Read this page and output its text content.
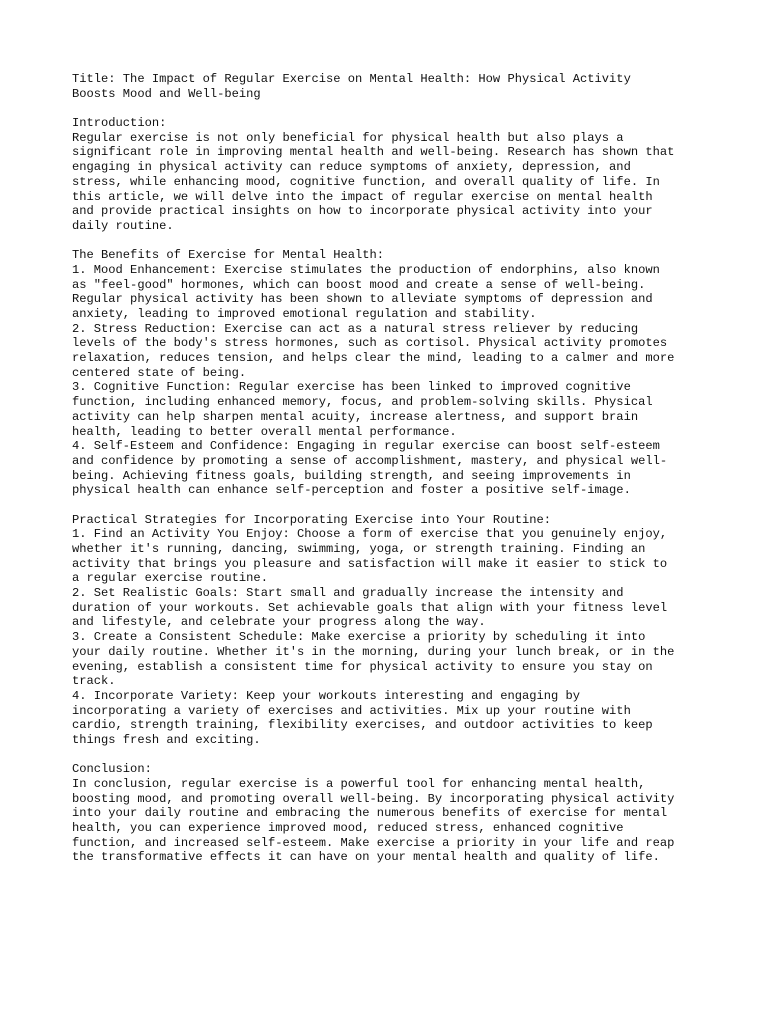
Title: The Impact of Regular Exercise on Mental Health: How Physical Activity
Boosts Mood and Well-being
Introduction:
Regular exercise is not only beneficial for physical health but also plays a
significant role in improving mental health and well-being. Research has shown that
engaging in physical activity can reduce symptoms of anxiety, depression, and
stress, while enhancing mood, cognitive function, and overall quality of life. In
this article, we will delve into the impact of regular exercise on mental health
and provide practical insights on how to incorporate physical activity into your
daily routine.
The Benefits of Exercise for Mental Health:
1. Mood Enhancement: Exercise stimulates the production of endorphins, also known
as "feel-good" hormones, which can boost mood and create a sense of well-being.
Regular physical activity has been shown to alleviate symptoms of depression and
anxiety, leading to improved emotional regulation and stability.
2. Stress Reduction: Exercise can act as a natural stress reliever by reducing
levels of the body's stress hormones, such as cortisol. Physical activity promotes
relaxation, reduces tension, and helps clear the mind, leading to a calmer and more
centered state of being.
3. Cognitive Function: Regular exercise has been linked to improved cognitive
function, including enhanced memory, focus, and problem-solving skills. Physical
activity can help sharpen mental acuity, increase alertness, and support brain
health, leading to better overall mental performance.
4. Self-Esteem and Confidence: Engaging in regular exercise can boost self-esteem
and confidence by promoting a sense of accomplishment, mastery, and physical well-
being. Achieving fitness goals, building strength, and seeing improvements in
physical health can enhance self-perception and foster a positive self-image.
Practical Strategies for Incorporating Exercise into Your Routine:
1. Find an Activity You Enjoy: Choose a form of exercise that you genuinely enjoy,
whether it's running, dancing, swimming, yoga, or strength training. Finding an
activity that brings you pleasure and satisfaction will make it easier to stick to
a regular exercise routine.
2. Set Realistic Goals: Start small and gradually increase the intensity and
duration of your workouts. Set achievable goals that align with your fitness level
and lifestyle, and celebrate your progress along the way.
3. Create a Consistent Schedule: Make exercise a priority by scheduling it into
your daily routine. Whether it's in the morning, during your lunch break, or in the
evening, establish a consistent time for physical activity to ensure you stay on
track.
4. Incorporate Variety: Keep your workouts interesting and engaging by
incorporating a variety of exercises and activities. Mix up your routine with
cardio, strength training, flexibility exercises, and outdoor activities to keep
things fresh and exciting.
Conclusion:
In conclusion, regular exercise is a powerful tool for enhancing mental health,
boosting mood, and promoting overall well-being. By incorporating physical activity
into your daily routine and embracing the numerous benefits of exercise for mental
health, you can experience improved mood, reduced stress, enhanced cognitive
function, and increased self-esteem. Make exercise a priority in your life and reap
the transformative effects it can have on your mental health and quality of life.
